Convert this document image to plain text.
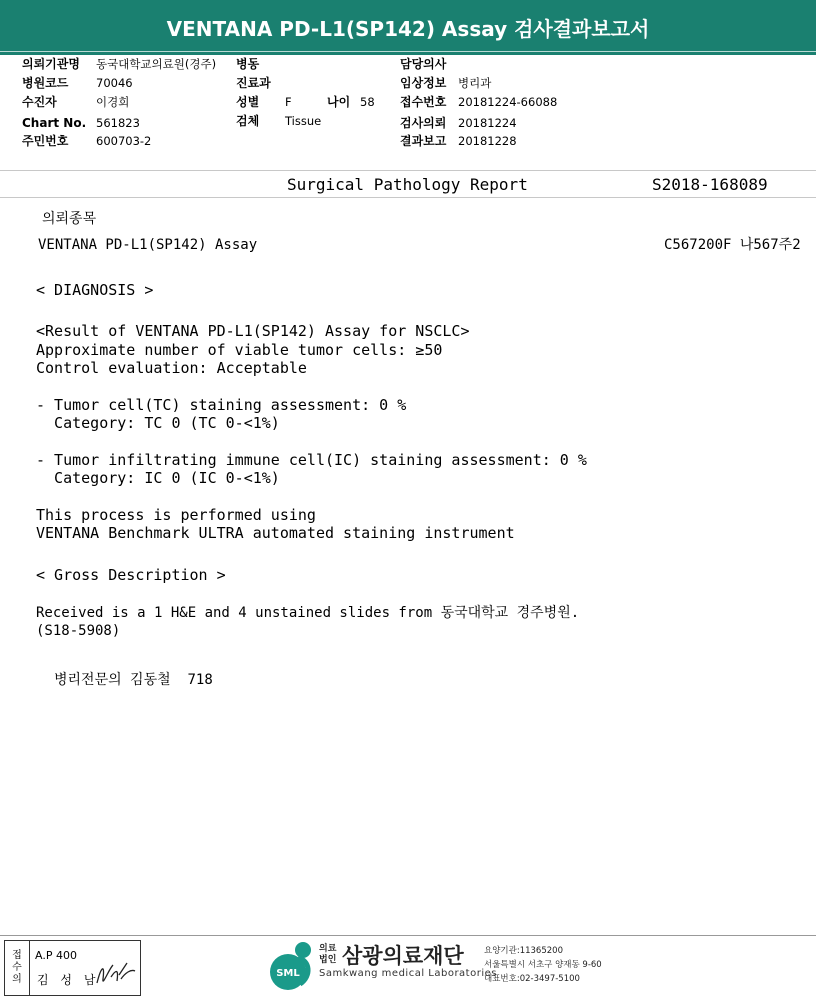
VENTANA PD-L1(SP142) Assay 검사결과보고서
의뢰기관명 동국대학교의료원(경주)
병원코드 70046
수진자	이경희
Chart No. 561823
주민번호 600703-2
병동
진료과
성별 F	나이 58
검체 Tissue
담당의사
임상정보 병리과
접수번호 20181224-66088
검사의뢰 20181224
결과보고 20181228
Surgical Pathology Report	S2018-168089
의뢰종목
VENTANA PD-L1(SP142) Assay	C567200F 나567주2
< DIAGNOSIS >
<Result of VENTANA PD-L1(SP142) Assay for NSCLC>
Approximate number of viable tumor cells: ≥50
Control evaluation: Acceptable
- Tumor cell(TC) staining assessment: 0 %
Category: TC 0 (TC 0-<1%)
- Tumor infiltrating immune cell(IC) staining assessment: 0 %
Category: IC 0 (IC 0-<1%)
This process is performed using
VENTANA Benchmark ULTRA automated staining instrument
< Gross Description >
Received is a 1 H&E and 4 unstained slides from 동국대학교 경주병원.
(S18-5908)
병리전문의 김동철  718
접
수
의
A.P 400
김 성 남	SML
의료
법인 삼광의료재단
Samkwang medical Laboratories
요양기관:11365200
서울특별시 서초구 양재동 9-60
대표번호:02-3497-5100
